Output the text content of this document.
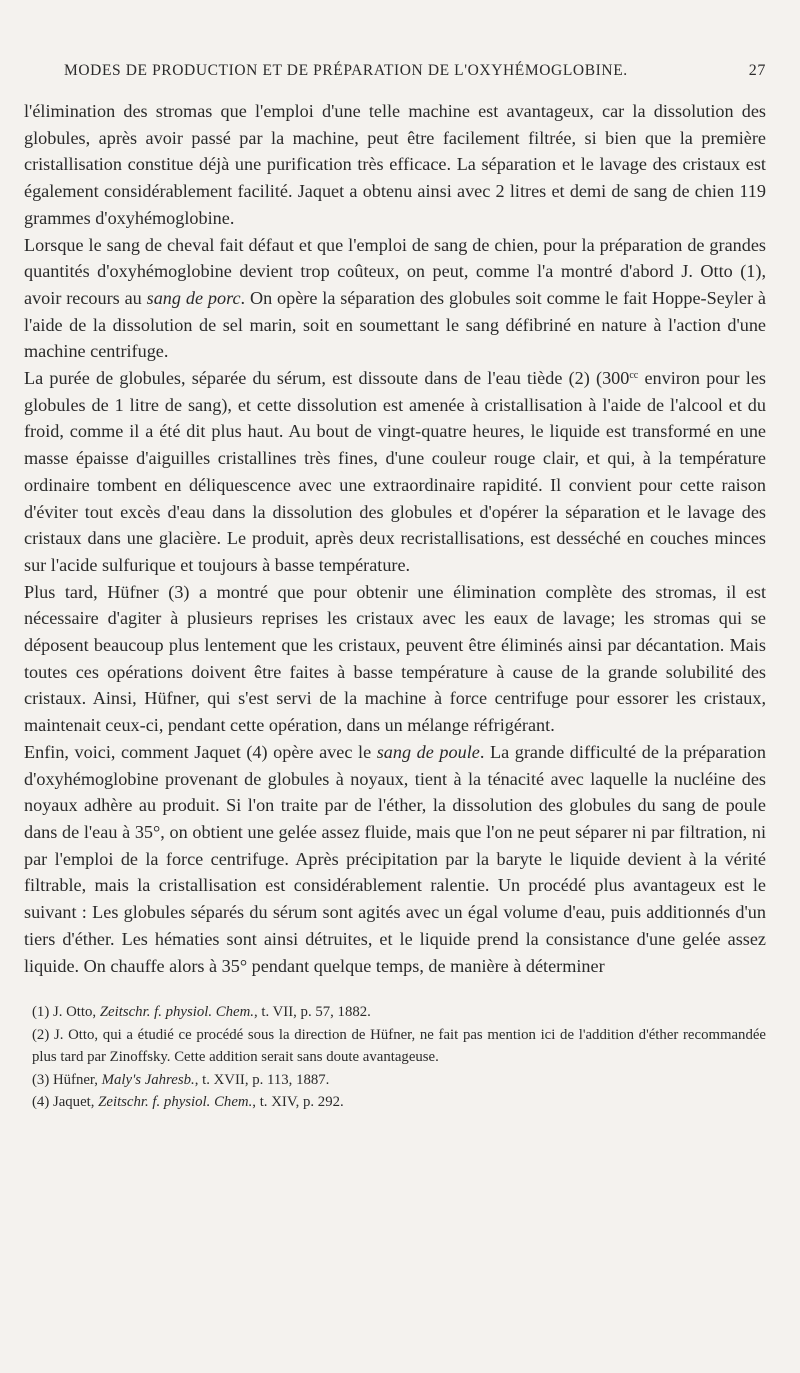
MODES DE PRODUCTION ET DE PRÉPARATION DE L'OXYHÉMOGLOBINE.	27

l'élimination des stromas que l'emploi d'une telle machine est avantageux, car la dissolution des globules, après avoir passé par la machine, peut être facilement filtrée, si bien que la première cristallisation constitue déjà une purification très efficace. La séparation et le lavage des cristaux est également considérablement facilité. Jaquet a obtenu ainsi avec 2 litres et demi de sang de chien 119 grammes d'oxyhémoglobine.

Lorsque le sang de cheval fait défaut et que l'emploi de sang de chien, pour la préparation de grandes quantités d'oxyhémoglobine devient trop coûteux, on peut, comme l'a montré d'abord J. Otto (1), avoir recours au sang de porc. On opère la séparation des globules soit comme le fait Hoppe-Seyler à l'aide de la dissolution de sel marin, soit en soumettant le sang défibriné en nature à l'action d'une machine centrifuge.

La purée de globules, séparée du sérum, est dissoute dans de l'eau tiède (2) ($300^{cc}$ environ pour les globules de 1 litre de sang), et cette dissolution est amenée à cristallisation à l'aide de l'alcool et du froid, comme il a été dit plus haut. Au bout de vingt-quatre heures, le liquide est transformé en une masse épaisse d'aiguilles cristallines très fines, d'une couleur rouge clair, et qui, à la température ordinaire tombent en déliquescence avec une extraordinaire rapidité. Il convient pour cette raison d'éviter tout excès d'eau dans la dissolution des globules et d'opérer la séparation et le lavage des cristaux dans une glacière. Le produit, après deux recristallisations, est desséché en couches minces sur l'acide sulfurique et toujours à basse température.

Plus tard, Hüfner (3) a montré que pour obtenir une élimination complète des stromas, il est nécessaire d'agiter à plusieurs reprises les cristaux avec les eaux de lavage; les stromas qui se déposent beaucoup plus lentement que les cristaux, peuvent être éliminés ainsi par décantation. Mais toutes ces opérations doivent être faites à basse température à cause de la grande solubilité des cristaux. Ainsi, Hüfner, qui s'est servi de la machine à force centrifuge pour essorer les cristaux, maintenait ceux-ci, pendant cette opération, dans un mélange réfrigérant.

Enfin, voici, comment Jaquet (4) opère avec le sang de poule. La grande difficulté de la préparation d'oxyhémoglobine provenant de globules à noyaux, tient à la ténacité avec laquelle la nucléine des noyaux adhère au produit. Si l'on traite par de l'éther, la dissolution des globules du sang de poule dans de l'eau à 35°, on obtient une gelée assez fluide, mais que l'on ne peut séparer ni par filtration, ni par l'emploi de la force centrifuge. Après précipitation par la baryte le liquide devient à la vérité filtrable, mais la cristallisation est considérablement ralentie. Un procédé plus avantageux est le suivant : Les globules séparés du sérum sont agités avec un égal volume d'eau, puis additionnés d'un tiers d'éther. Les hématies sont ainsi détruites, et le liquide prend la consistance d'une gelée assez liquide. On chauffe alors à 35° pendant quelque temps, de manière à déterminer

(1) J. Otto, Zeitschr. f. physiol. Chem., t. VII, p. 57, 1882.

(2) J. Otto, qui a étudié ce procédé sous la direction de Hüfner, ne fait pas mention ici de l'addition d'éther recommandée plus tard par Zinoffsky. Cette addition serait sans doute avantageuse.

(3) Hüfner, Maly's Jahresb., t. XVII, p. 113, 1887.

(4) Jaquet, Zeitschr. f. physiol. Chem., t. XIV, p. 292.
